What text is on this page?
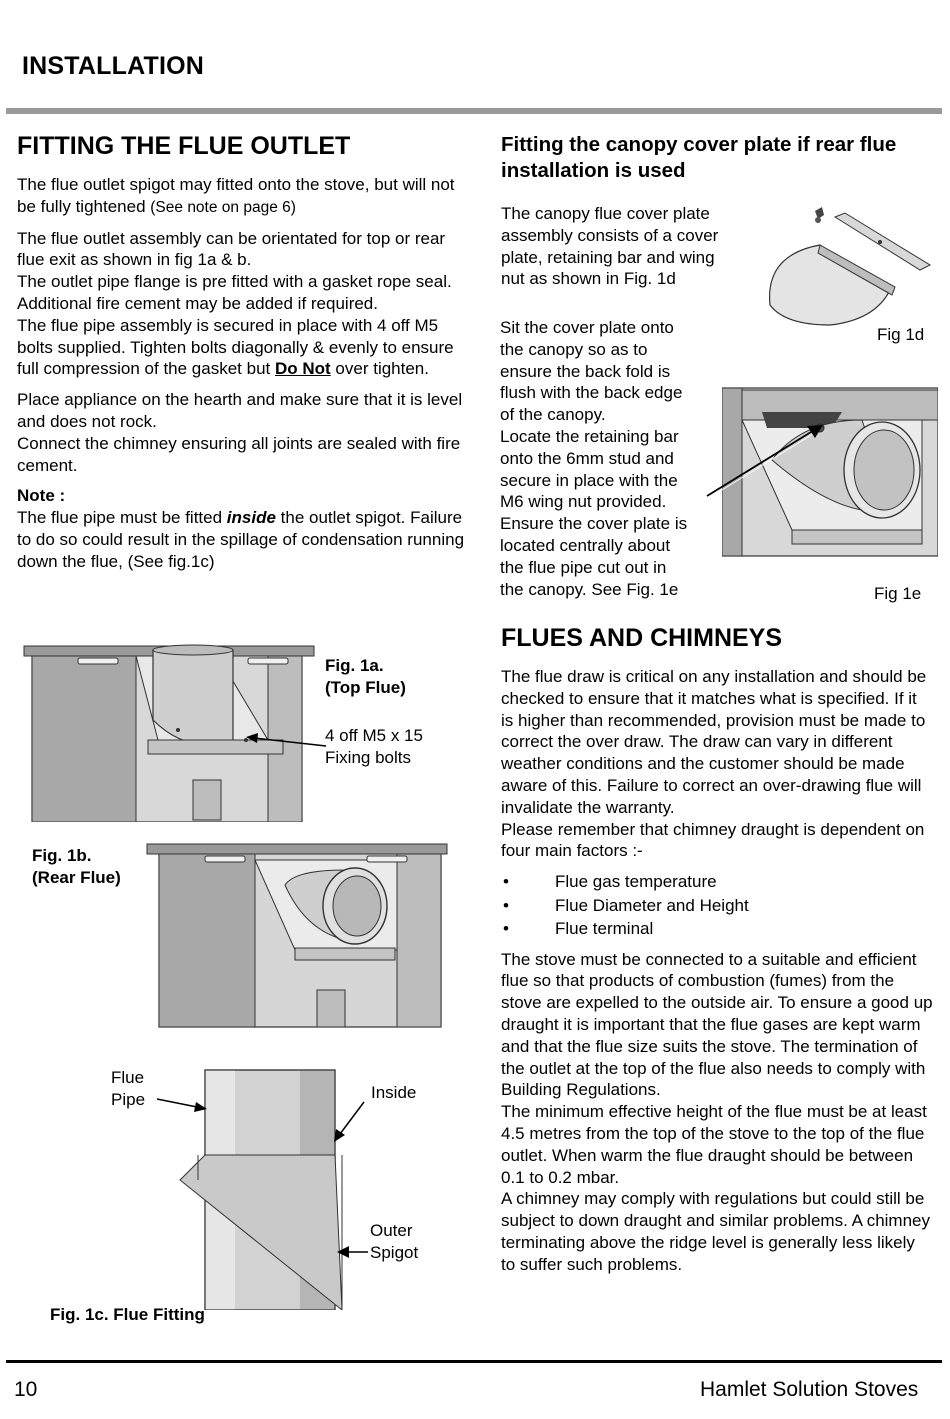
INSTALLATION
FITTING THE FLUE OUTLET

The flue outlet spigot may fitted onto the stove, but will not be fully tightened (See note on page 6)

The flue outlet assembly can be orientated for top or rear flue exit as shown in fig 1a & b.
The outlet pipe flange is pre fitted with a gasket rope seal. Additional fire cement may be added if required.
The flue pipe assembly is secured in place with 4 off M5 bolts supplied. Tighten bolts diagonally & evenly to ensure full compression of the gasket but Do Not over tighten.

Place appliance on the hearth and make sure that it is level and does not rock.
Connect the chimney ensuring all joints are sealed with fire cement.

Note :
The flue pipe must be fitted inside the outlet spigot. Failure to do so could result in the spillage of condensation running down the flue, (See fig.1c)

Fig. 1a.
(Top Flue)
4 off M5 x 15
Fixing bolts
Fig. 1b.
(Rear Flue)
Flue
Pipe	Inside
Outer
Spigot
Fig. 1c. Flue Fitting
Fitting the canopy cover plate if rear flue installation is used

The canopy flue cover plate

assembly consists of a cover

plate, retaining bar and wing

nut as shown in Fig. 1d

Sit the cover plate onto

the canopy so as to

ensure the back fold is

flush with the back edge

of the canopy.

Locate the retaining bar

onto the 6mm stud and

secure in place with the

M6 wing nut provided.

Ensure the cover plate is

located centrally about

the flue pipe cut out in

the canopy. See Fig. 1e

Fig 1d
Fig 1e
FLUES AND CHIMNEYS

The flue draw is critical on any installation and should be checked to ensure that it matches what is specified. If it is higher than recommended, provision must be made to correct the over draw. The draw can vary in different weather conditions and the customer should be made aware of this. Failure to correct an over-drawing flue will invalidate the warranty.
Please remember that chimney draught is dependent on four main factors :-

• Flue gas temperature
• Flue Diameter and Height
• Flue terminal

The stove must be connected to a suitable and efficient flue so that products of combustion (fumes) from the stove are expelled to the outside air. To ensure a good up draught it is important that the flue gases are kept warm and that the flue size suits the stove. The termination of the outlet at the top of the flue also needs to comply with Building Regulations.
The minimum effective height of the flue must be at least 4.5 metres from the top of the stove to the top of the flue outlet. When warm the flue draught should be between 0.1 to 0.2 mbar.
A chimney may comply with regulations but could still be subject to down draught and similar problems. A chimney terminating above the ridge level is generally less likely to suffer such problems.

10	Hamlet Solution Stoves
